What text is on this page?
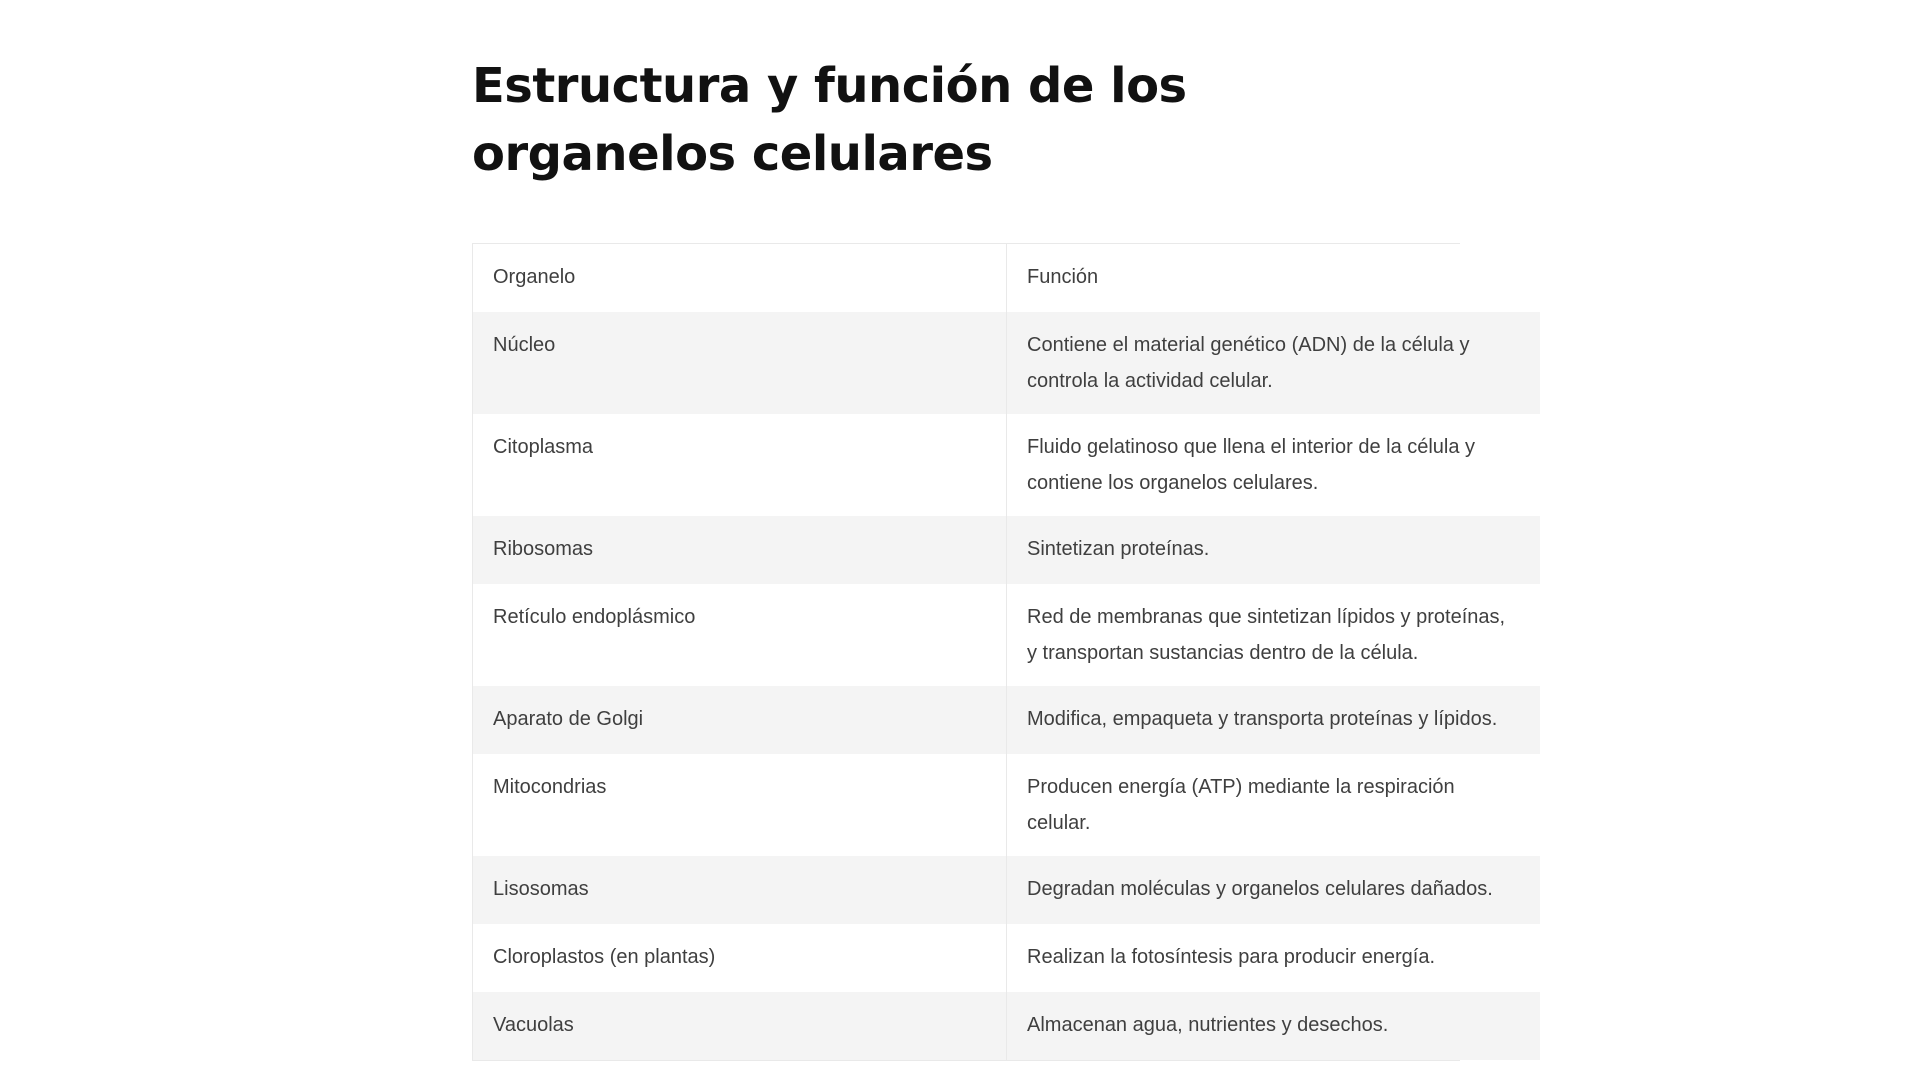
Estructura y función de los organelos celulares
Organelo	Función
Núcleo	Contiene el material genético (ADN) de la célula y controla la actividad celular.
Citoplasma	Fluido gelatinoso que llena el interior de la célula y contiene los organelos celulares.
Ribosomas	Sintetizan proteínas.
Retículo endoplásmico	Red de membranas que sintetizan lípidos y proteínas, y transportan sustancias dentro de la célula.
Aparato de Golgi	Modifica, empaqueta y transporta proteínas y lípidos.
Mitocondrias	Producen energía (ATP) mediante la respiración celular.
Lisosomas	Degradan moléculas y organelos celulares dañados.
Cloroplastos (en plantas)	Realizan la fotosíntesis para producir energía.
Vacuolas	Almacenan agua, nutrientes y desechos.
